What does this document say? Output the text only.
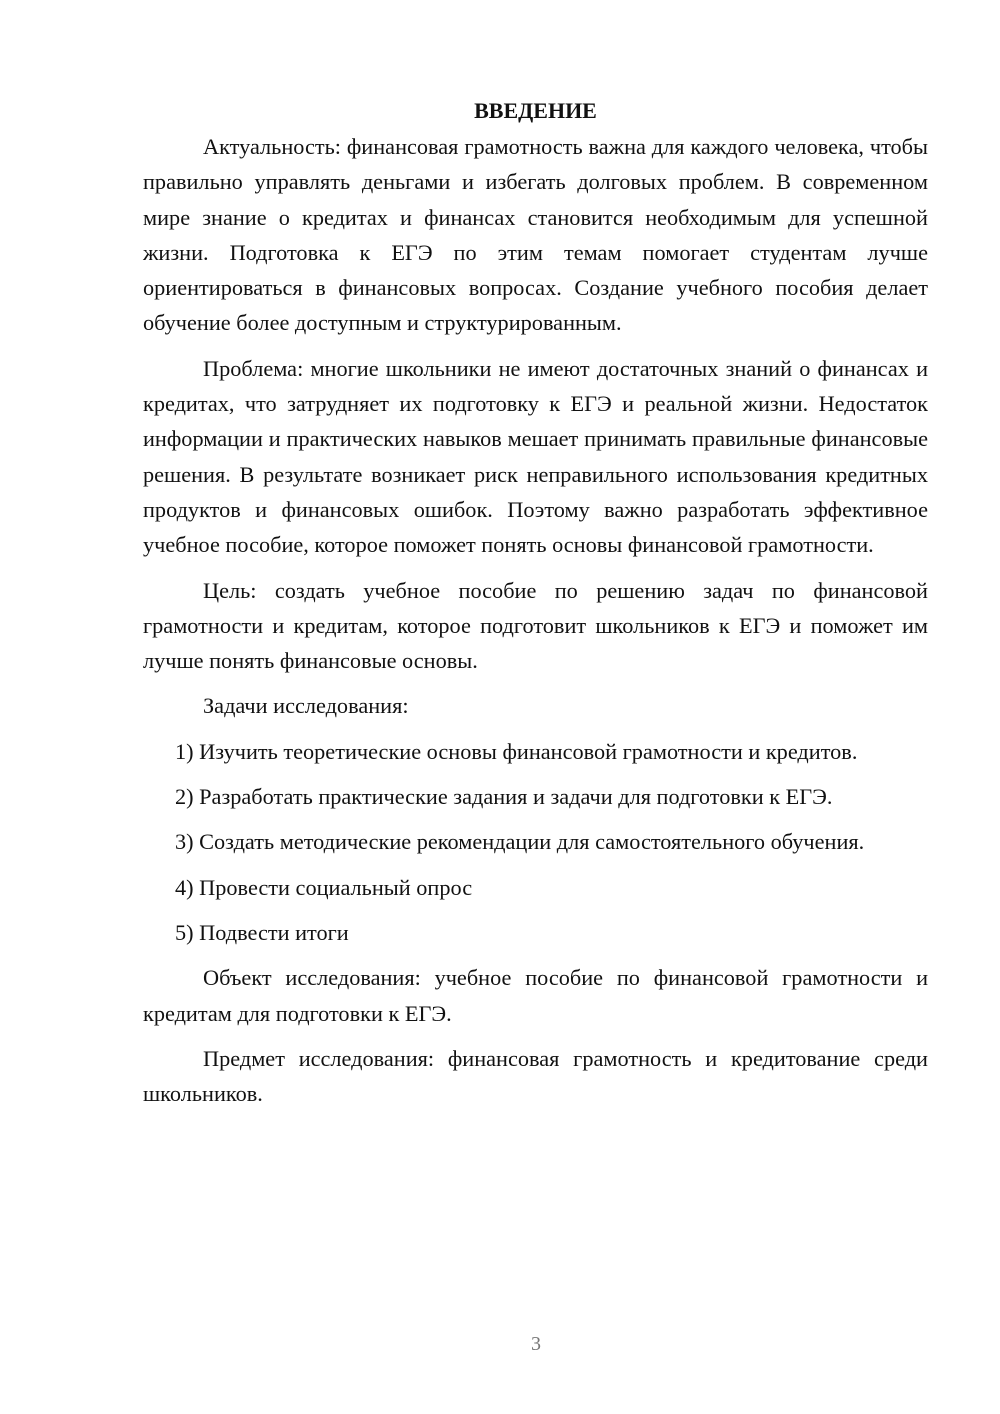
ВВЕДЕНИЕ

Актуальность: финансовая грамотность важна для каждого человека, чтобы правильно управлять деньгами и избегать долговых проблем. В современном мире знание о кредитах и финансах становится необходимым для успешной жизни. Подготовка к ЕГЭ по этим темам помогает студентам лучше ориентироваться в финансовых вопросах. Создание учебного пособия делает обучение более доступным и структурированным.

Проблема: многие школьники не имеют достаточных знаний о финансах и кредитах, что затрудняет их подготовку к ЕГЭ и реальной жизни. Недостаток информации и практических навыков мешает принимать правильные финансовые решения. В результате возникает риск неправильного использования кредитных продуктов и финансовых ошибок. Поэтому важно разработать эффективное учебное пособие, которое поможет понять основы финансовой грамотности.

Цель: создать учебное пособие по решению задач по финансовой грамотности и кредитам, которое подготовит школьников к ЕГЭ и поможет им лучше понять финансовые основы.

Задачи исследования:

1) Изучить теоретические основы финансовой грамотности и кредитов.

2) Разработать практические задания и задачи для подготовки к ЕГЭ.

3) Создать методические рекомендации для самостоятельного обучения.

4) Провести социальный опрос

5) Подвести итоги

Объект исследования: учебное пособие по финансовой грамотности и кредитам для подготовки к ЕГЭ.

Предмет исследования: финансовая грамотность и кредитование среди школьников.

3
